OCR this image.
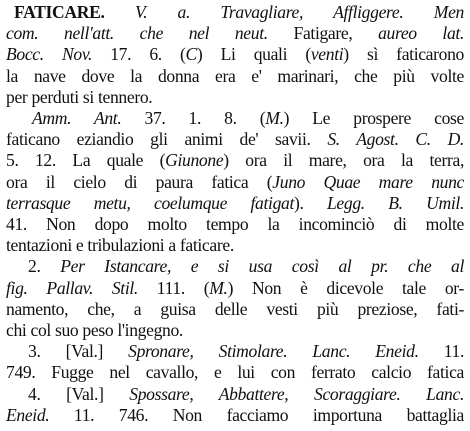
FATICARE. V. a. Travagliare, Affliggere. Men
com. nell'att. che nel neut. Fatigare, aureo lat.
Bocc. Nov. 17. 6. (C) Li quali (venti) sì faticarono
la nave dove la donna era e' marinari, che più volte
per perduti si tennero.
Amm. Ant. 37. 1. 8. (M.) Le prospere cose
faticano eziandio gli animi de' savii. S. Agost. C. D.
5. 12. La quale (Giunone) ora il mare, ora la terra,
ora il cielo di paura fatica (Juno Quae mare nunc
terrasque metu, coelumque fatigat). Legg. B. Umil.
41. Non dopo molto tempo la incominciò di molte
tentazioni e tribulazioni a faticare.
2. Per Istancare, e si usa così al pr. che al
fig. Pallav. Stil. 111. (M.) Non è dicevole tale or-
namento, che, a guisa delle vesti più preziose, fati-
chi col suo peso l'ingegno.
3. [Val.] Spronare, Stimolare. Lanc. Eneid. 11.
749. Fugge nel cavallo, e lui con ferrato calcio fatica
4. [Val.] Spossare, Abbattere, Scoraggiare. Lanc.
Eneid. 11. 746. Non facciamo importuna battaglia
